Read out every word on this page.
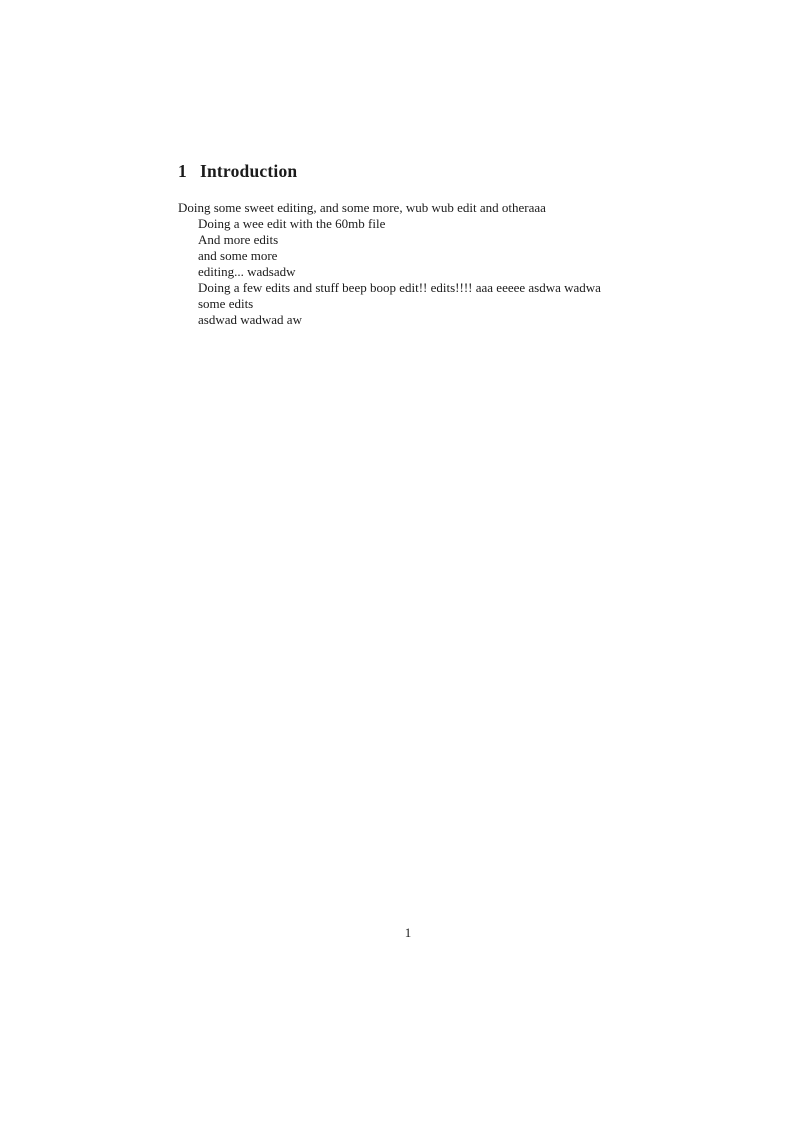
1 Introduction
Doing some sweet editing, and some more, wub wub edit and otheraaa
Doing a wee edit with the 60mb file
And more edits
and some more
editing... wadsadw
Doing a few edits and stuff beep boop edit!! edits!!!! aaa eeeee asdwa wadwa
some edits
asdwad wadwad aw
1
